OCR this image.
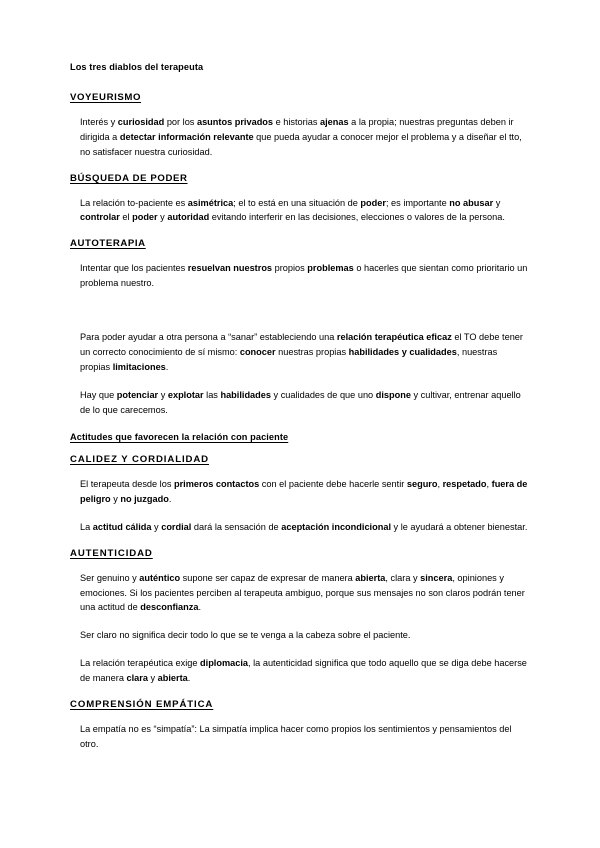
Los tres diablos del terapeuta
VOYEURISMO

Interés y curiosidad por los asuntos privados e historias ajenas a la propia; nuestras preguntas deben ir dirigida a detectar información relevante que pueda ayudar a conocer mejor el problema y a diseñar el tto, no satisfacer nuestra curiosidad.

BÚSQUEDA DE PODER

La relación to-paciente es asimétrica; el to está en una situación de poder; es importante no abusar y controlar el poder y autoridad evitando interferir en las decisiones, elecciones o valores de la persona.

AUTOTERAPIA

Intentar que los pacientes resuelvan nuestros propios problemas o hacerles que sientan como prioritario un problema nuestro.

Para poder ayudar a otra persona a “sanar” estableciendo una relación terapéutica eficaz el TO debe tener un correcto conocimiento de sí mismo: conocer nuestras propias habilidades y cualidades, nuestras propias limitaciones.

Hay que potenciar y explotar las habilidades y cualidades de que uno dispone y cultivar, entrenar aquello de lo que carecemos.

Actitudes que favorecen la relación con paciente
CALIDEZ Y CORDIALIDAD

El terapeuta desde los primeros contactos con el paciente debe hacerle sentir seguro, respetado, fuera de peligro y no juzgado.

La actitud cálida y cordial dará la sensación de aceptación incondicional y le ayudará a obtener bienestar.

AUTENTICIDAD

Ser genuino y auténtico supone ser capaz de expresar de manera abierta, clara y sincera, opiniones y emociones. Si los pacientes perciben al terapeuta ambiguo, porque sus mensajes no son claros podrán tener una actitud de desconfianza.

Ser claro no significa decir todo lo que se te venga a la cabeza sobre el paciente.

La relación terapéutica exige diplomacia, la autenticidad significa que todo aquello que se diga debe hacerse de manera clara y abierta.

COMPRENSIÓN EMPÁTICA

La empatía no es “simpatía”: La simpatía implica hacer como propios los sentimientos y pensamientos del otro.
